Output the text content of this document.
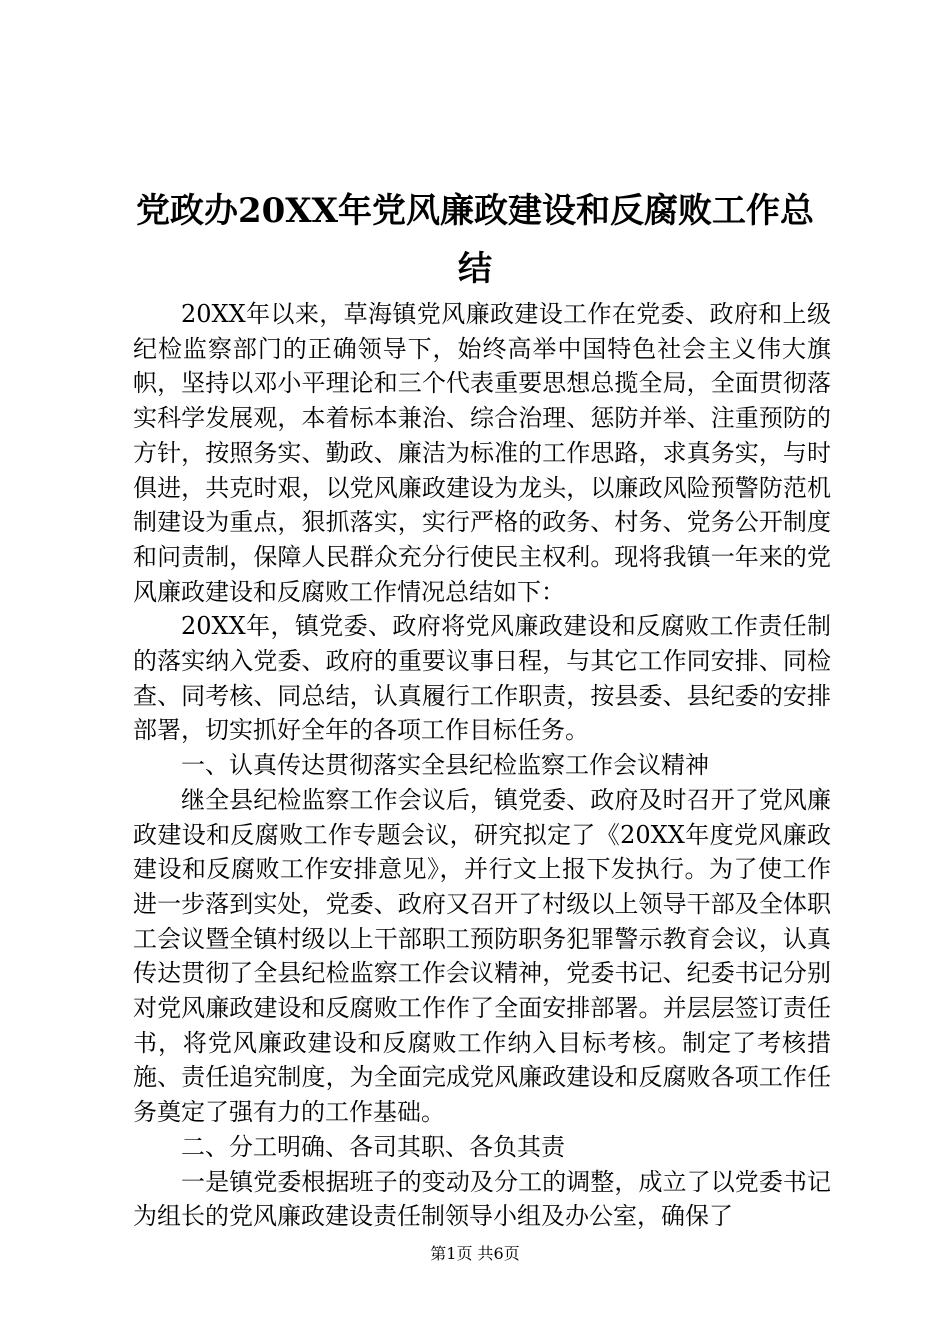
党政办20XX年党风廉政建设和反腐败工作总结

20XX年以来，草海镇党风廉政建设工作在党委、政府和上级纪检监察部门的正确领导下，始终高举中国特色社会主义伟大旗帜，坚持以邓小平理论和三个代表重要思想总揽全局，全面贯彻落实科学发展观，本着标本兼治、综合治理、惩防并举、注重预防的方针，按照务实、勤政、廉洁为标准的工作思路，求真务实，与时俱进，共克时艰，以党风廉政建设为龙头，以廉政风险预警防范机制建设为重点，狠抓落实，实行严格的政务、村务、党务公开制度和问责制，保障人民群众充分行使民主权利。现将我镇一年来的党风廉政建设和反腐败工作情况总结如下：

20XX年，镇党委、政府将党风廉政建设和反腐败工作责任制的落实纳入党委、政府的重要议事日程，与其它工作同安排、同检查、同考核、同总结，认真履行工作职责，按县委、县纪委的安排部署，切实抓好全年的各项工作目标任务。

一、认真传达贯彻落实全县纪检监察工作会议精神

继全县纪检监察工作会议后，镇党委、政府及时召开了党风廉政建设和反腐败工作专题会议，研究拟定了《20XX年度党风廉政建设和反腐败工作安排意见》，并行文上报下发执行。为了使工作进一步落到实处，党委、政府又召开了村级以上领导干部及全体职工会议暨全镇村级以上干部职工预防职务犯罪警示教育会议，认真传达贯彻了全县纪检监察工作会议精神，党委书记、纪委书记分别对党风廉政建设和反腐败工作作了全面安排部署。并层层签订责任书，将党风廉政建设和反腐败工作纳入目标考核。制定了考核措施、责任追究制度，为全面完成党风廉政建设和反腐败各项工作任务奠定了强有力的工作基础。

二、分工明确、各司其职、各负其责

一是镇党委根据班子的变动及分工的调整，成立了以党委书记为组长的党风廉政建设责任制领导小组及办公室，确保了

第1页 共6页
